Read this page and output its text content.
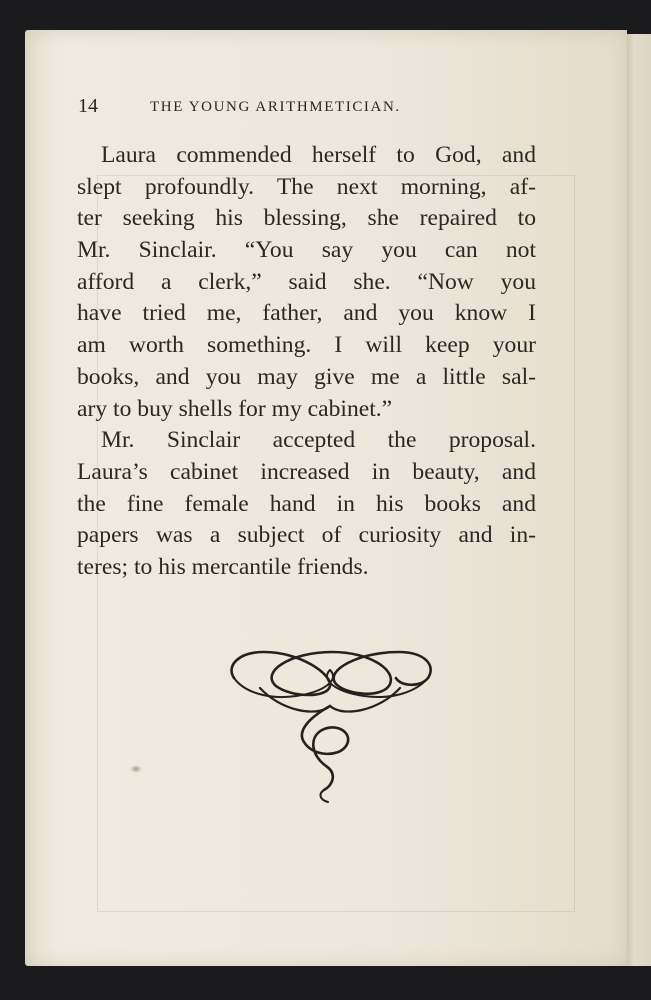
14	THE YOUNG ARITHMETICIAN.
Laura commended herself to God, and
slept profoundly. The next morning, af-
ter seeking his blessing, she repaired to
Mr. Sinclair. “You say you can not
afford a clerk,” said she. “Now you
have tried me, father, and you know I
am worth something. I will keep your
books, and you may give me a little sal-
ary to buy shells for my cabinet.”
Mr. Sinclair accepted the proposal.
Laura’s cabinet increased in beauty, and
the fine female hand in his books and
papers was a subject of curiosity and in-
teres; to his mercantile friends.
